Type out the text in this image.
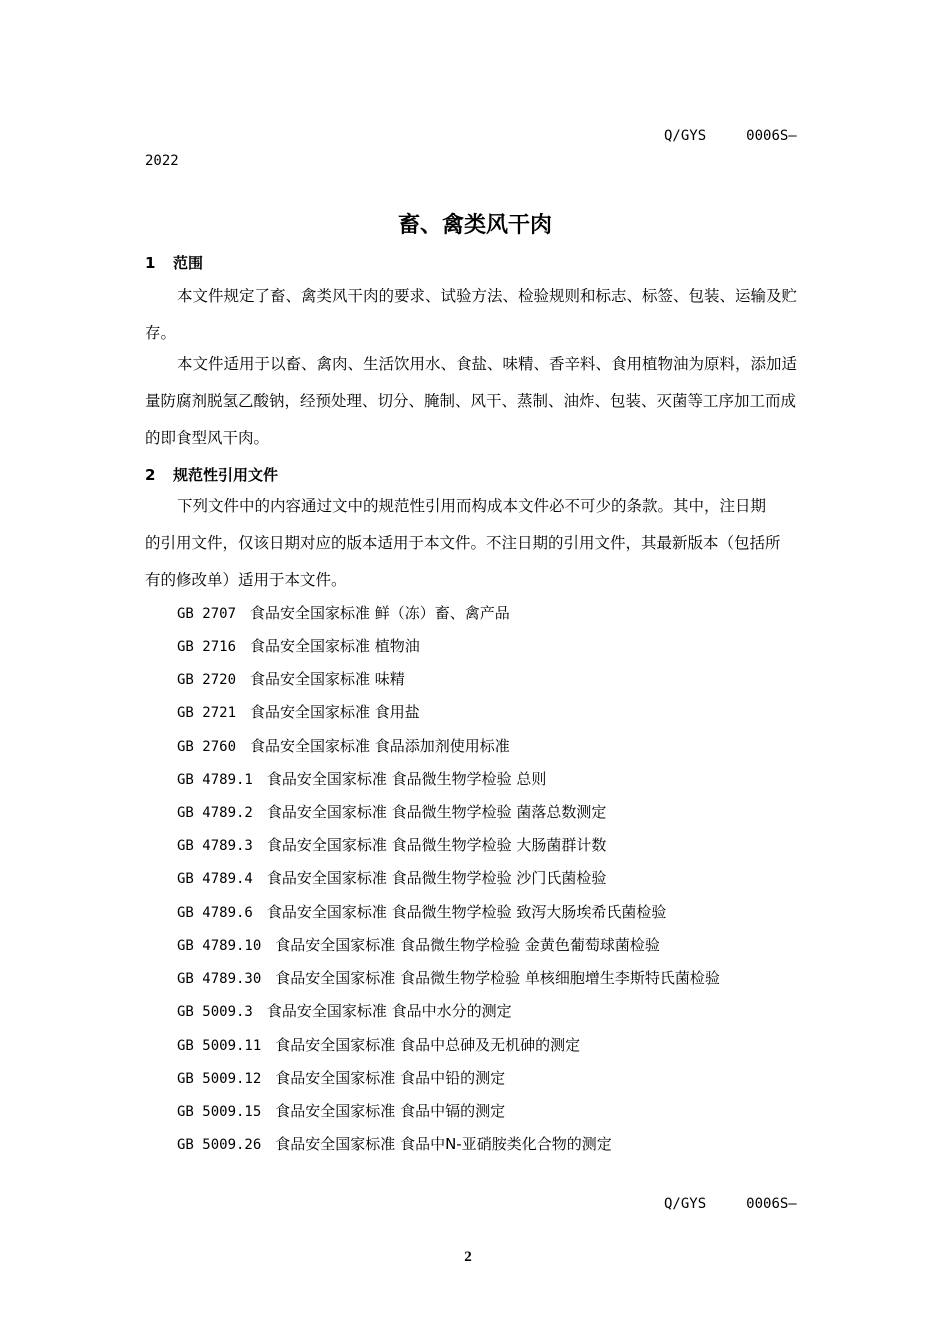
Q/GYS	0006S—
2022
畜、禽类风干肉
1 范围
本文件规定了畜、禽类风干肉的要求、试验方法、检验规则和标志、标签、包装、运输及贮
存。
本文件适用于以畜、禽肉、生活饮用水、食盐、味精、香辛料、食用植物油为原料，添加适
量防腐剂脱氢乙酸钠，经预处理、切分、腌制、风干、蒸制、油炸、包装、灭菌等工序加工而成
的即食型风干肉。
2 规范性引用文件
下列文件中的内容通过文中的规范性引用而构成本文件必不可少的条款。其中，注日期
的引用文件，仅该日期对应的版本适用于本文件。不注日期的引用文件，其最新版本（包括所
有的修改单）适用于本文件。
GB 2707 食品安全国家标准 鲜（冻）畜、禽产品
GB 2716 食品安全国家标准 植物油
GB 2720 食品安全国家标准 味精
GB 2721 食品安全国家标准 食用盐
GB 2760 食品安全国家标准 食品添加剂使用标准
GB 4789.1 食品安全国家标准 食品微生物学检验 总则
GB 4789.2 食品安全国家标准 食品微生物学检验 菌落总数测定
GB 4789.3 食品安全国家标准 食品微生物学检验 大肠菌群计数
GB 4789.4 食品安全国家标准 食品微生物学检验 沙门氏菌检验
GB 4789.6 食品安全国家标准 食品微生物学检验 致泻大肠埃希氏菌检验
GB 4789.10 食品安全国家标准 食品微生物学检验 金黄色葡萄球菌检验
GB 4789.30 食品安全国家标准 食品微生物学检验 单核细胞增生李斯特氏菌检验
GB 5009.3 食品安全国家标准 食品中水分的测定
GB 5009.11 食品安全国家标准 食品中总砷及无机砷的测定
GB 5009.12 食品安全国家标准 食品中铅的测定
GB 5009.15 食品安全国家标准 食品中镉的测定
GB 5009.26 食品安全国家标准 食品中N-亚硝胺类化合物的测定
Q/GYS	0006S—
2
